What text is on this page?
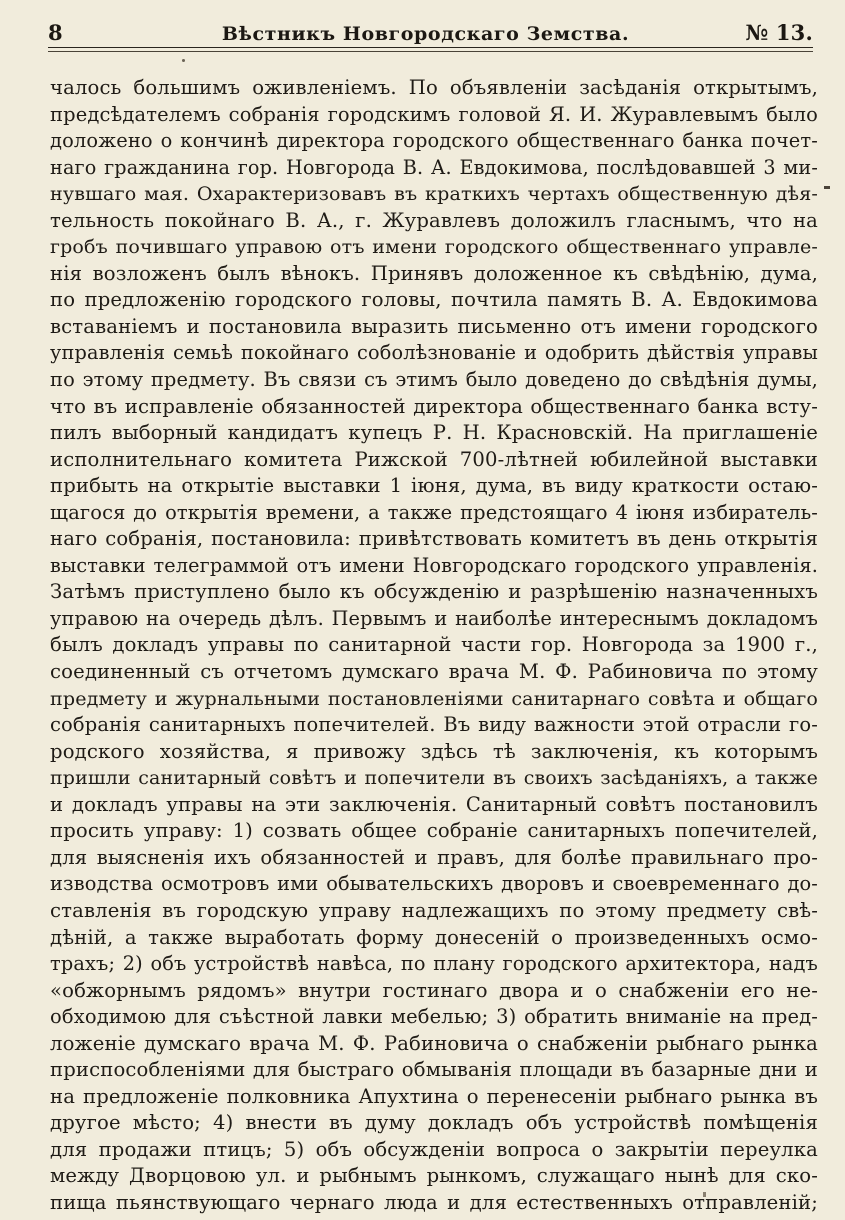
8	Вѣстникъ Новгородскаго Земства.	№ 13.
чалось большимъ оживленіемъ. По объявленіи засѣданія открытымъ,
предсѣдателемъ собранія городскимъ головой Я. И. Журавлевымъ было
доложено о кончинѣ директора городского общественнаго банка почет-
наго гражданина гор. Новгорода В. А. Евдокимова, послѣдовавшей 3 ми-
нувшаго мая. Охарактеризовавъ въ краткихъ чертахъ общественную дѣя-
тельность покойнаго В. А., г. Журавлевъ доложилъ гласнымъ, что на
гробъ почившаго управою отъ имени городского общественнаго управле-
нія возложенъ былъ вѣнокъ. Принявъ доложенное къ свѣдѣнію, дума,
по предложенію городского головы, почтила память В. А. Евдокимова
вставаніемъ и постановила выразить письменно отъ имени городского
управленія семьѣ покойнаго соболѣзнованіе и одобрить дѣйствія управы
по этому предмету. Въ связи съ этимъ было доведено до свѣдѣнія думы,
что въ исправленіе обязанностей директора общественнаго банка всту-
пилъ выборный кандидатъ купецъ Р. Н. Красновскій. На приглашеніе
исполнительнаго комитета Рижской 700-лѣтней юбилейной выставки
прибыть на открытіе выставки 1 іюня, дума, въ виду краткости остаю-
щагося до открытія времени, а также предстоящаго 4 іюня избиратель-
наго собранія, постановила: привѣтствовать комитетъ въ день открытія
выставки телеграммой отъ имени Новгородскаго городского управленія.
Затѣмъ приступлено было къ обсужденію и разрѣшенію назначенныхъ
управою на очередь дѣлъ. Первымъ и наиболѣе интереснымъ докладомъ
былъ докладъ управы по санитарной части гор. Новгорода за 1900 г.,
соединенный съ отчетомъ думскаго врача М. Ф. Рабиновича по этому
предмету и журнальными постановленіями санитарнаго совѣта и общаго
собранія санитарныхъ попечителей. Въ виду важности этой отрасли го-
родского хозяйства, я привожу здѣсь тѣ заключенія, къ которымъ
пришли санитарный совѣтъ и попечители въ своихъ засѣданіяхъ, а также
и докладъ управы на эти заключенія. Санитарный совѣтъ постановилъ
просить управу: 1) созвать общее собраніе санитарныхъ попечителей,
для выясненія ихъ обязанностей и правъ, для болѣе правильнаго про-
изводства осмотровъ ими обывательскихъ дворовъ и своевременнаго до-
ставленія въ городскую управу надлежащихъ по этому предмету свѣ-
дѣній, а также выработать форму донесеній о произведенныхъ осмо-
трахъ; 2) объ устройствѣ навѣса, по плану городского архитектора, надъ
«обжорнымъ рядомъ» внутри гостинаго двора и о снабженіи его не-
обходимою для съѣстной лавки мебелью; 3) обратить вниманіе на пред-
ложеніе думскаго врача М. Ф. Рабиновича о снабженіи рыбнаго рынка
приспособленіями для быстраго обмыванія площади въ базарные дни и
на предложеніе полковника Апухтина о перенесеніи рыбнаго рынка въ
другое мѣсто; 4) внести въ думу докладъ объ устройствѣ помѣщенія
для продажи птицъ; 5) объ обсужденіи вопроса о закрытіи переулка
между Дворцовою ул. и рыбнымъ рынкомъ, служащаго нынѣ для ско-
пища пьянствующаго чернаго люда и для естественныхъ отправленій;
